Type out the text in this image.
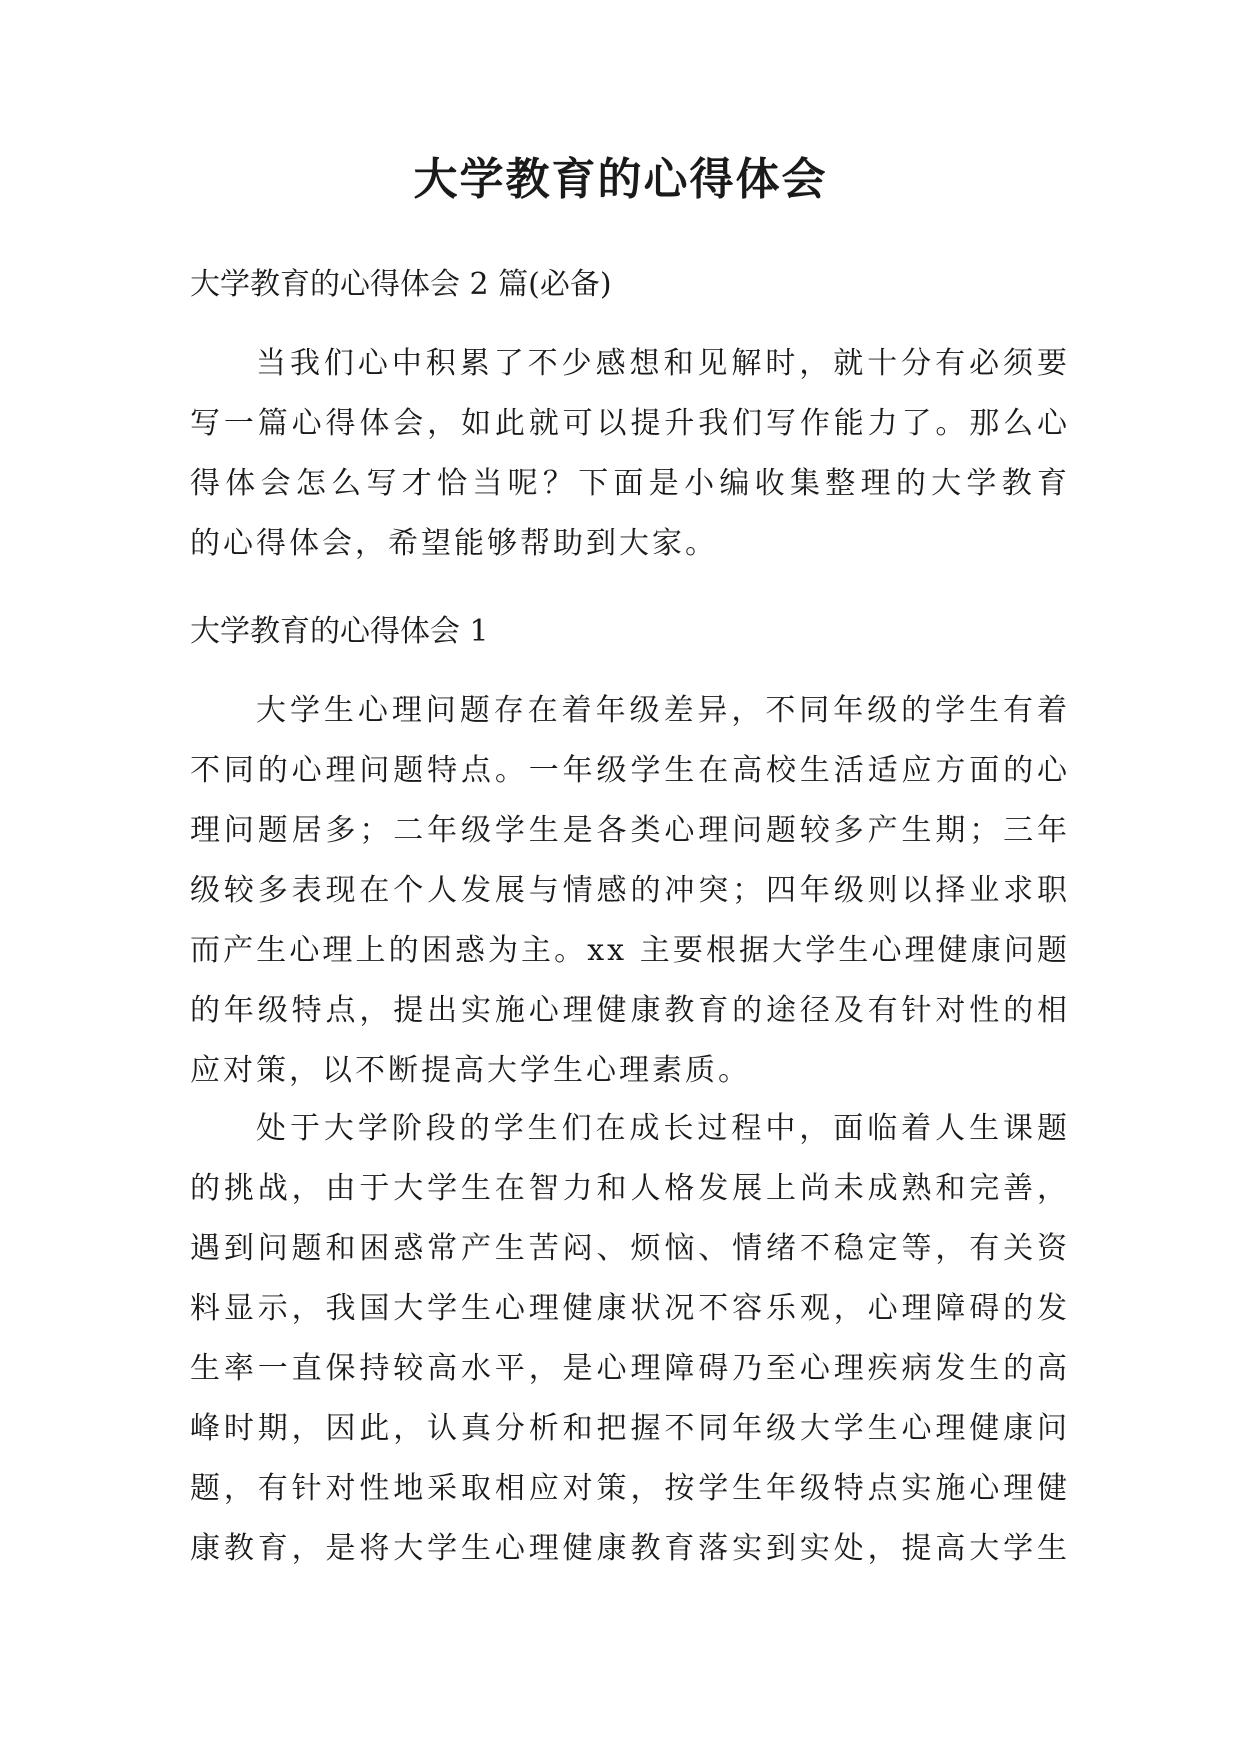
大学教育的心得体会

大学教育的心得体会 2 篇(必备)

当我们心中积累了不少感想和见解时，就十分有必须要
写一篇心得体会，如此就可以提升我们写作能力了。那么心
得体会怎么写才恰当呢？下面是小编收集整理的大学教育
的心得体会，希望能够帮助到大家。

大学教育的心得体会 1

大学生心理问题存在着年级差异，不同年级的学生有着
不同的心理问题特点。一年级学生在高校生活适应方面的心
理问题居多；二年级学生是各类心理问题较多产生期；三年
级较多表现在个人发展与情感的冲突；四年级则以择业求职
而产生心理上的困惑为主。xx 主要根据大学生心理健康问题
的年级特点，提出实施心理健康教育的途径及有针对性的相
应对策，以不断提高大学生心理素质。
处于大学阶段的学生们在成长过程中，面临着人生课题
的挑战，由于大学生在智力和人格发展上尚未成熟和完善，
遇到问题和困惑常产生苦闷、烦恼、情绪不稳定等，有关资
料显示，我国大学生心理健康状况不容乐观，心理障碍的发
生率一直保持较高水平，是心理障碍乃至心理疾病发生的高
峰时期，因此，认真分析和把握不同年级大学生心理健康问
题，有针对性地采取相应对策，按学生年级特点实施心理健
康教育，是将大学生心理健康教育落实到实处，提高大学生
